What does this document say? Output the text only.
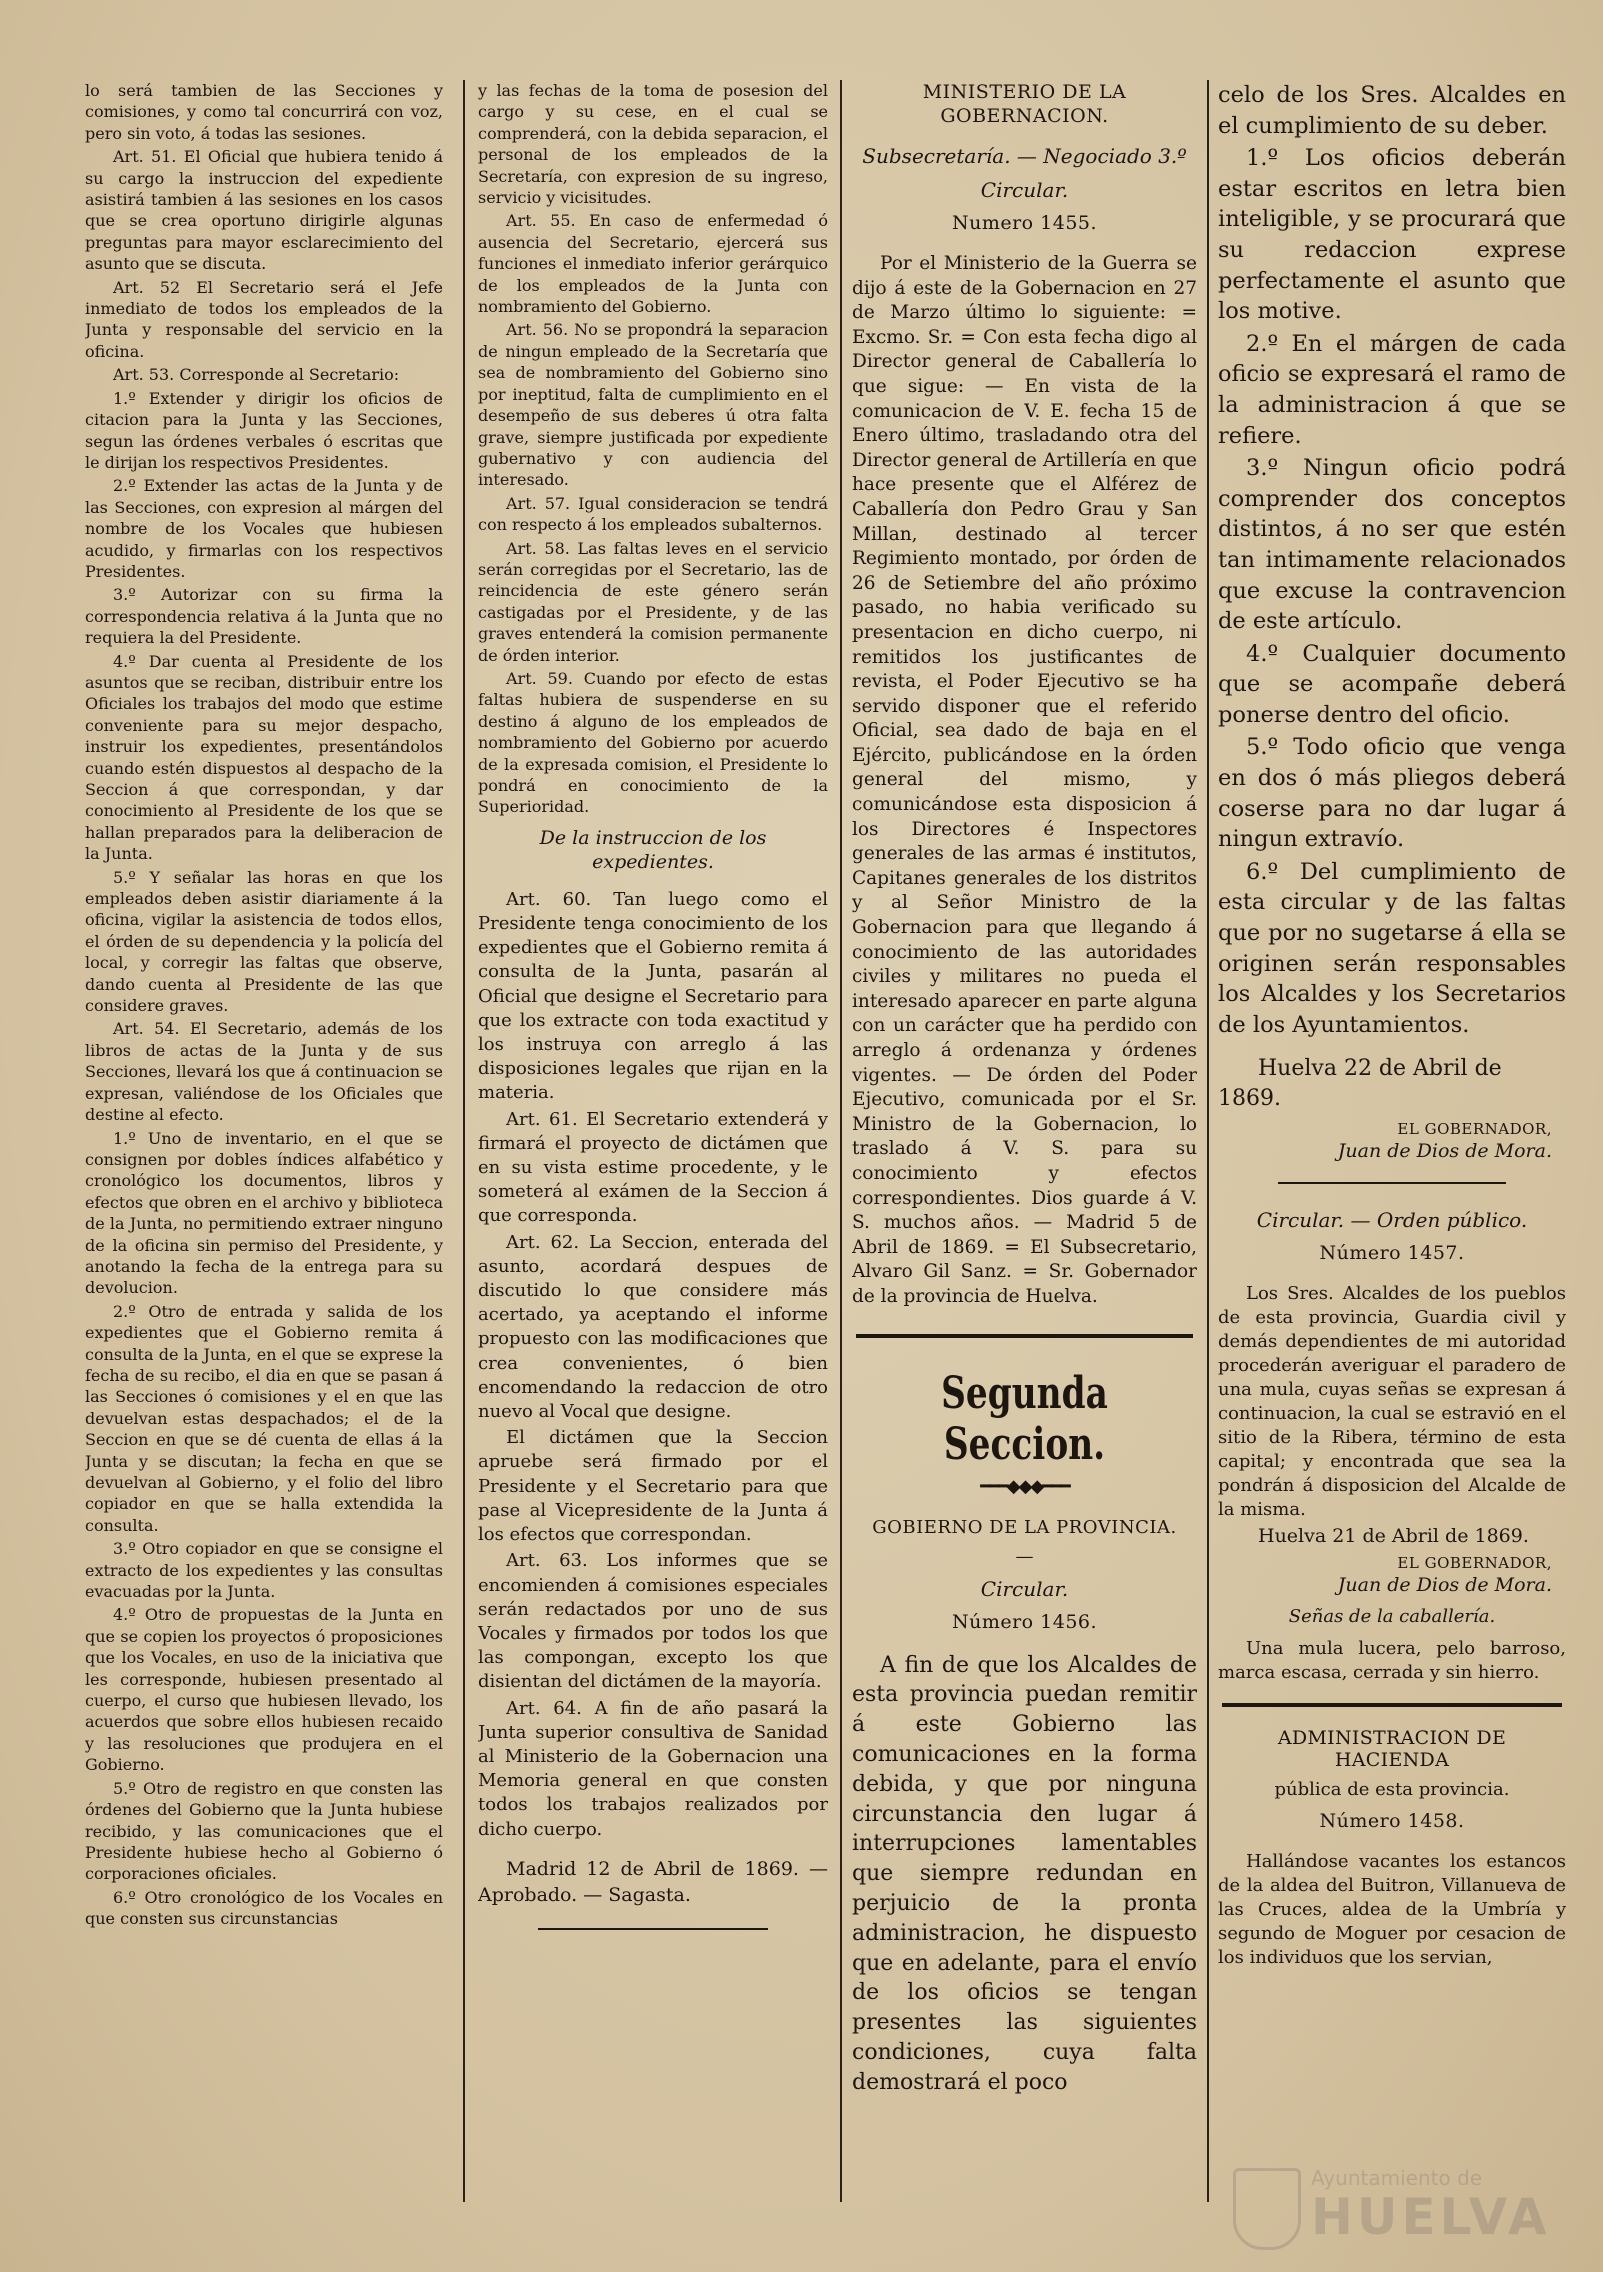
lo será tambien de las Secciones y comisiones, y como tal concurrirá con voz, pero sin voto, á todas las sesiones.

Art. 51. El Oficial que hubiera tenido á su cargo la instruccion del expediente asistirá tambien á las sesiones en los casos que se crea oportuno dirigirle algunas preguntas para mayor esclarecimiento del asunto que se discuta.

Art. 52 El Secretario será el Jefe inmediato de todos los empleados de la Junta y responsable del servicio en la oficina.

Art. 53. Corresponde al Secretario:

1.º Extender y dirigir los oficios de citacion para la Junta y las Secciones, segun las órdenes verbales ó escritas que le dirijan los respectivos Presidentes.

2.º Extender las actas de la Junta y de las Secciones, con expresion al márgen del nombre de los Vocales que hubiesen acudido, y firmarlas con los respectivos Presidentes.

3.º Autorizar con su firma la correspondencia relativa á la Junta que no requiera la del Presidente.

4.º Dar cuenta al Presidente de los asuntos que se reciban, distribuir entre los Oficiales los trabajos del modo que estime conveniente para su mejor despacho, instruir los expedientes, presentándolos cuando estén dispuestos al despacho de la Seccion á que correspondan, y dar conocimiento al Presidente de los que se hallan preparados para la deliberacion de la Junta.

5.º Y señalar las horas en que los empleados deben asistir diariamente á la oficina, vigilar la asistencia de todos ellos, el órden de su dependencia y la policía del local, y corregir las faltas que observe, dando cuenta al Presidente de las que considere graves.

Art. 54. El Secretario, además de los libros de actas de la Junta y de sus Secciones, llevará los que á continuacion se expresan, valiéndose de los Oficiales que destine al efecto.

1.º Uno de inventario, en el que se consignen por dobles índices alfabético y cronológico los documentos, libros y efectos que obren en el archivo y biblioteca de la Junta, no permitiendo extraer ninguno de la oficina sin permiso del Presidente, y anotando la fecha de la entrega para su devolucion.

2.º Otro de entrada y salida de los expedientes que el Gobierno remita á consulta de la Junta, en el que se exprese la fecha de su recibo, el dia en que se pasan á las Secciones ó comisiones y el en que las devuelvan estas despachados; el de la Seccion en que se dé cuenta de ellas á la Junta y se discutan; la fecha en que se devuelvan al Gobierno, y el folio del libro copiador en que se halla extendida la consulta.

3.º Otro copiador en que se consigne el extracto de los expedientes y las consultas evacuadas por la Junta.

4.º Otro de propuestas de la Junta en que se copien los proyectos ó proposiciones que los Vocales, en uso de la iniciativa que les corresponde, hubiesen presentado al cuerpo, el curso que hubiesen llevado, los acuerdos que sobre ellos hubiesen recaido y las resoluciones que produjera en el Gobierno.

5.º Otro de registro en que consten las órdenes del Gobierno que la Junta hubiese recibido, y las comunicaciones que el Presidente hubiese hecho al Gobierno ó corporaciones oficiales.

6.º Otro cronológico de los Vocales en que consten sus circunstancias

y las fechas de la toma de posesion del cargo y su cese, en el cual se comprenderá, con la debida separacion, el personal de los empleados de la Secretaría, con expresion de su ingreso, servicio y vicisitudes.

Art. 55. En caso de enfermedad ó ausencia del Secretario, ejercerá sus funciones el inmediato inferior gerárquico de los empleados de la Junta con nombramiento del Gobierno.

Art. 56. No se propondrá la separacion de ningun empleado de la Secretaría que sea de nombramiento del Gobierno sino por ineptitud, falta de cumplimiento en el desempeño de sus deberes ú otra falta grave, siempre justificada por expediente gubernativo y con audiencia del interesado.

Art. 57. Igual consideracion se tendrá con respecto á los empleados subalternos.

Art. 58. Las faltas leves en el servicio serán corregidas por el Secretario, las de reincidencia de este género serán castigadas por el Presidente, y de las graves entenderá la comision permanente de órden interior.

Art. 59. Cuando por efecto de estas faltas hubiera de suspenderse en su destino á alguno de los empleados de nombramiento del Gobierno por acuerdo de la expresada comision, el Presidente lo pondrá en conocimiento de la Superioridad.

De la instruccion de los expedientes.

Art. 60. Tan luego como el Presidente tenga conocimiento de los expedientes que el Gobierno remita á consulta de la Junta, pasarán al Oficial que designe el Secretario para que los extracte con toda exactitud y los instruya con arreglo á las disposiciones legales que rijan en la materia.

Art. 61. El Secretario extenderá y firmará el proyecto de dictámen que en su vista estime procedente, y le someterá al exámen de la Seccion á que corresponda.

Art. 62. La Seccion, enterada del asunto, acordará despues de discutido lo que considere más acertado, ya aceptando el informe propuesto con las modificaciones que crea convenientes, ó bien encomendando la redaccion de otro nuevo al Vocal que designe.

El dictámen que la Seccion apruebe será firmado por el Presidente y el Secretario para que pase al Vicepresidente de la Junta á los efectos que correspondan.

Art. 63. Los informes que se encomienden á comisiones especiales serán redactados por uno de sus Vocales y firmados por todos los que las compongan, excepto los que disientan del dictámen de la mayoría.

Art. 64. A fin de año pasará la Junta superior consultiva de Sanidad al Ministerio de la Gobernacion una Memoria general en que consten todos los trabajos realizados por dicho cuerpo.

Madrid 12 de Abril de 1869. — Aprobado. — Sagasta.

MINISTERIO DE LA GOBERNACION.
Subsecretaría. — Negociado 3.º
Circular.
Numero 1455.

Por el Ministerio de la Guerra se dijo á este de la Gobernacion en 27 de Marzo último lo siguiente: = Excmo. Sr. = Con esta fecha digo al Director general de Caballería lo que sigue: — En vista de la comunicacion de V. E. fecha 15 de Enero último, trasladando otra del Director general de Artillería en que hace presente que el Alférez de Caballería don Pedro Grau y San Millan, destinado al tercer Regimiento montado, por órden de 26 de Setiembre del año próximo pasado, no habia verificado su presentacion en dicho cuerpo, ni remitidos los justificantes de revista, el Poder Ejecutivo se ha servido disponer que el referido Oficial, sea dado de baja en el Ejército, publicándose en la órden general del mismo, y comunicándose esta disposicion á los Directores é Inspectores generales de las armas é institutos, Capitanes generales de los distritos y al Señor Ministro de la Gobernacion para que llegando á conocimiento de las autoridades civiles y militares no pueda el interesado aparecer en parte alguna con un carácter que ha perdido con arreglo á ordenanza y órdenes vigentes. — De órden del Poder Ejecutivo, comunicada por el Sr. Ministro de la Gobernacion, lo traslado á V. S. para su conocimiento y efectos correspondientes. Dios guarde á V. S. muchos años. — Madrid 5 de Abril de 1869. = El Subsecretario, Alvaro Gil Sanz. = Sr. Gobernador de la provincia de Huelva.

Segunda Seccion.
━━━◆◆◆━━━
GOBIERNO DE LA PROVINCIA.
—
Circular.
Número 1456.

A fin de que los Alcaldes de esta provincia puedan remitir á este Gobierno las comunicaciones en la forma debida, y que por ninguna circunstancia den lugar á interrupciones lamentables que siempre redundan en perjuicio de la pronta administracion, he dispuesto que en adelante, para el envío de los oficios se tengan presentes las siguientes condiciones, cuya falta demostrará el poco

celo de los Sres. Alcaldes en el cumplimiento de su deber.

1.º Los oficios deberán estar escritos en letra bien inteligible, y se procurará que su redaccion exprese perfectamente el asunto que los motive.

2.º En el márgen de cada oficio se expresará el ramo de la administracion á que se refiere.

3.º Ningun oficio podrá comprender dos conceptos distintos, á no ser que estén tan intimamente relacionados que excuse la contravencion de este artículo.

4.º Cualquier documento que se acompañe deberá ponerse dentro del oficio.

5.º Todo oficio que venga en dos ó más pliegos deberá coserse para no dar lugar á ningun extravío.

6.º Del cumplimiento de esta circular y de las faltas que por no sugetarse á ella se originen serán responsables los Alcaldes y los Secretarios de los Ayuntamientos.

Huelva 22 de Abril de 1869.
EL GOBERNADOR,
Juan de Dios de Mora.
Circular. — Orden público.
Número 1457.

Los Sres. Alcaldes de los pueblos de esta provincia, Guardia civil y demás dependientes de mi autoridad procederán averiguar el paradero de una mula, cuyas señas se expresan á continuacion, la cual se estravió en el sitio de la Ribera, término de esta capital; y encontrada que sea la pondrán á disposicion del Alcalde de la misma.

Huelva 21 de Abril de 1869.

EL GOBERNADOR,
Juan de Dios de Mora.
Señas de la caballería.

Una mula lucera, pelo barroso, marca escasa, cerrada y sin hierro.

ADMINISTRACION DE HACIENDA
pública de esta provincia.
Número 1458.

Hallándose vacantes los estancos de la aldea del Buitron, Villanueva de las Cruces, aldea de la Umbría y segundo de Moguer por cesacion de los individuos que los servian,

Ayuntamiento de
HUELVA
